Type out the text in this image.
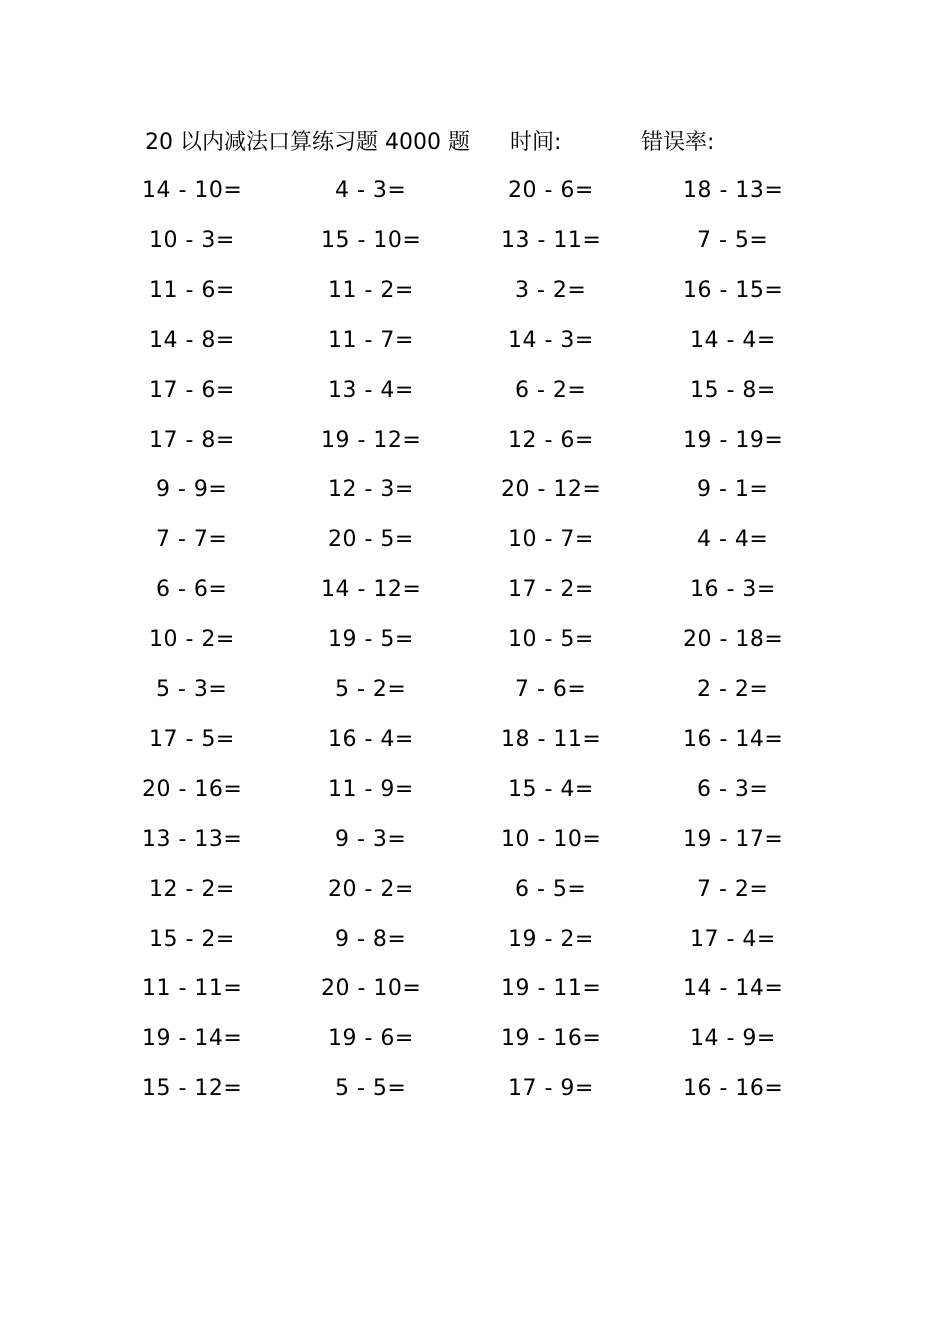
20 以内减法口算练习题 4000 题 时间:	错误率:
14 - 10=
10 - 3=
11 - 6=
14 - 8=
17 - 6=
17 - 8=
9 - 9=
7 - 7=
6 - 6=
10 - 2=
5 - 3=
17 - 5=
20 - 16=
13 - 13=
12 - 2=
15 - 2=
11 - 11=
19 - 14=
15 - 12=
4 - 3=
15 - 10=
11 - 2=
11 - 7=
13 - 4=
19 - 12=
12 - 3=
20 - 5=
14 - 12=
19 - 5=
5 - 2=
16 - 4=
11 - 9=
9 - 3=
20 - 2=
9 - 8=
20 - 10=
19 - 6=
5 - 5=
20 - 6=
13 - 11=
3 - 2=
14 - 3=
6 - 2=
12 - 6=
20 - 12=
10 - 7=
17 - 2=
10 - 5=
7 - 6=
18 - 11=
15 - 4=
10 - 10=
6 - 5=
19 - 2=
19 - 11=
19 - 16=
17 - 9=
18 - 13=
7 - 5=
16 - 15=
14 - 4=
15 - 8=
19 - 19=
9 - 1=
4 - 4=
16 - 3=
20 - 18=
2 - 2=
16 - 14=
6 - 3=
19 - 17=
7 - 2=
17 - 4=
14 - 14=
14 - 9=
16 - 16=
